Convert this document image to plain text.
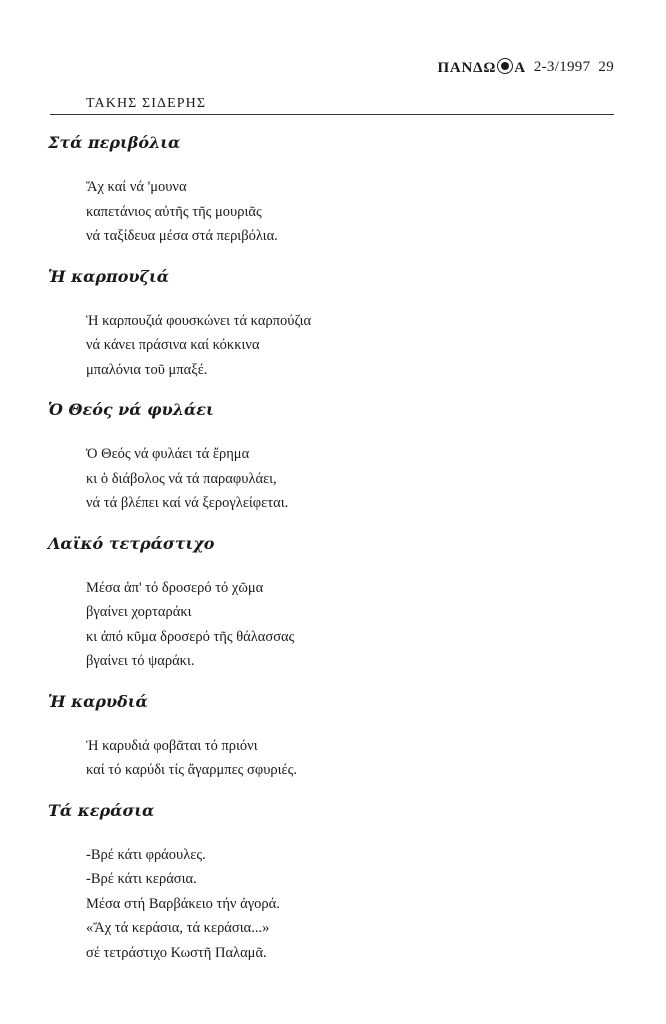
ΠΑΝΔΩ Α 2-3/1997 29
ΤΑΚΗΣ ΣΙΔΕΡΗΣ
Στά περιβόλια
Ἄχ καί νά 'μουνα
καπετάνιος αὐτῆς τῆς μουριᾶς
νά ταξίδευα μέσα στά περιβόλια.
Ἡ καρπουζιά
Ἡ καρπουζιά φουσκώνει τά καρπούζια
νά κάνει πράσινα καί κόκκινα
μπαλόνια τοῦ μπαξέ.
Ὁ Θεός νά φυλάει
Ὁ Θεός νά φυλάει τά ἔρημα
κι ὁ διάβολος νά τά παραφυλάει,
νά τά βλέπει καί νά ξερογλείφεται.
Λαϊκό τετράστιχο
Μέσα ἀπ' τό δροσερό τό χῶμα
βγαίνει χορταράκι
κι ἀπό κῦμα δροσερό τῆς θάλασσας
βγαίνει τό ψαράκι.
Ἡ καρυδιά
Ἡ καρυδιά φοβᾶται τό πριόνι
καί τό καρύδι τίς ἄγαρμπες σφυριές.
Τά κεράσια
-Βρέ κάτι φράουλες.
-Βρέ κάτι κεράσια.
Μέσα στή Βαρβάκειο τήν ἀγορά.
«Ἄχ τά κεράσια, τά κεράσια...»
σέ τετράστιχο Κωστῆ Παλαμᾶ.
